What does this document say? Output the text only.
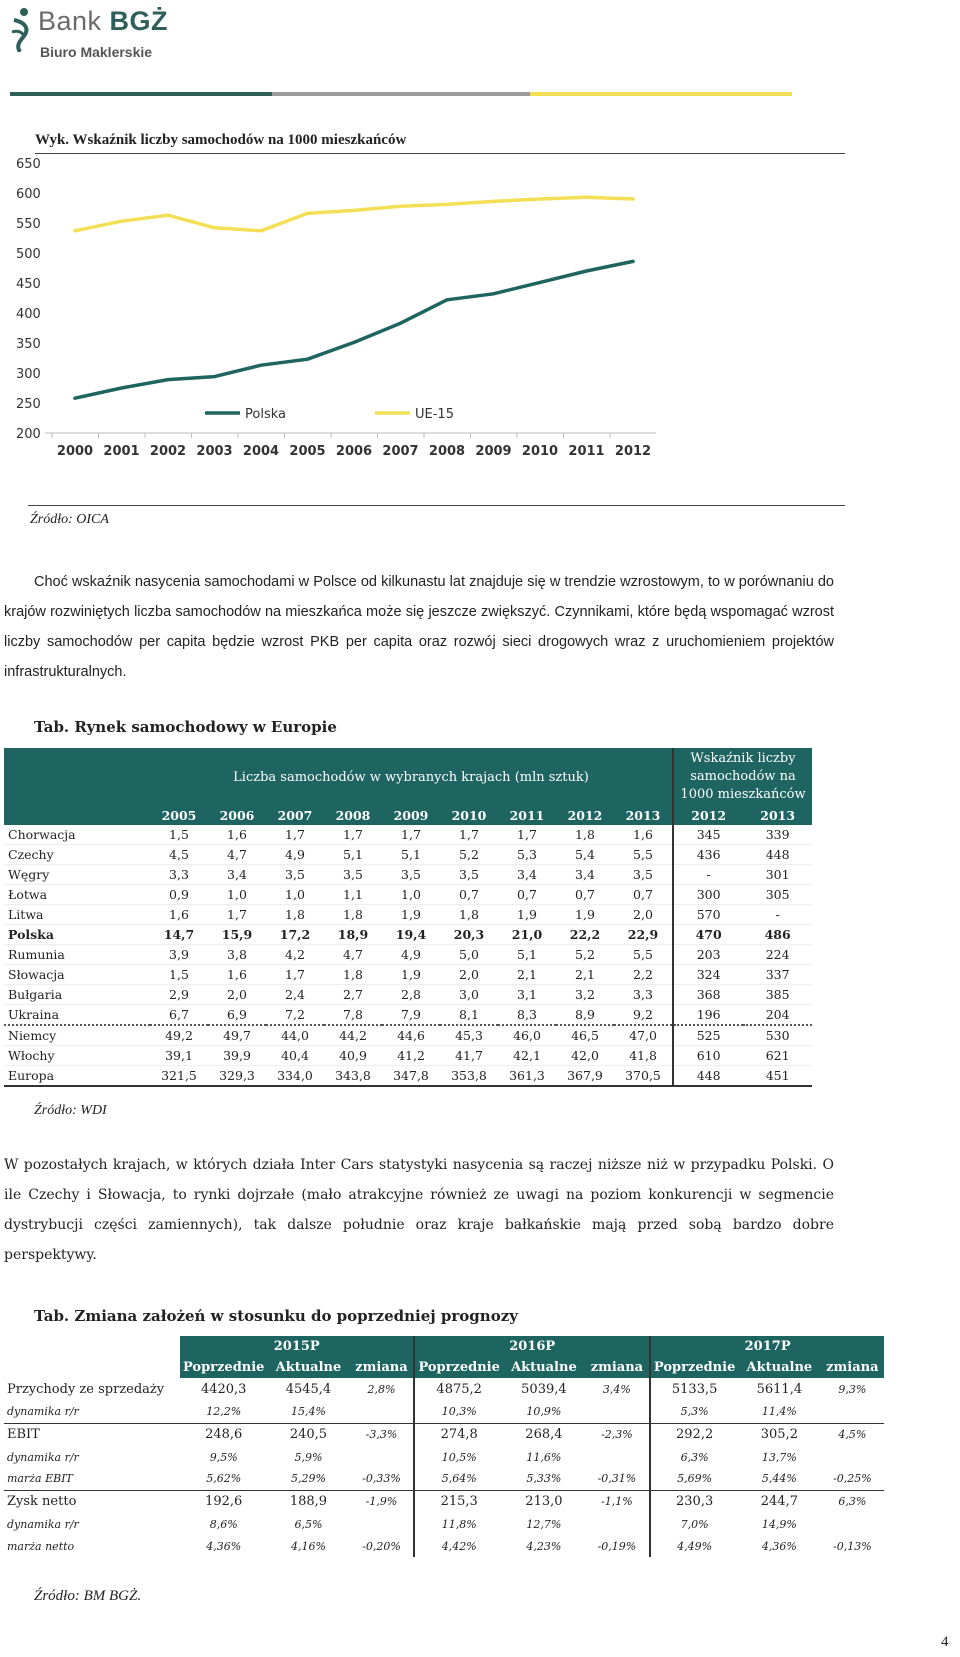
Bank BGŻ
Biuro Maklerskie
Wyk. Wskaźnik liczby samochodów na 1000 mieszkańców
650
600
550
500
450
400
350
300
250
200
2000 2001 2002 2003 2004 2005 2006 2007 2008 2009 2010 2011 2012
Polska	UE-15
Źródło: OICA

Choć wskaźnik nasycenia samochodami w Polsce od kilkunastu lat znajduje się w trendzie wzrostowym, to w porównaniu do krajów rozwiniętych liczba samochodów na mieszkańca może się jeszcze zwiększyć. Czynnikami, które będą wspomagać wzrost liczby samochodów per capita będzie wzrost PKB per capita oraz rozwój sieci drogowych wraz z uruchomieniem projektów infrastrukturalnych.

Tab. Rynek samochodowy w Europie
	Liczba samochodów w wybranych krajach (mln sztuk)									Wskaźnik liczby samochodów na 1000 mieszkańców	
	2005	2006	2007	2008	2009	2010	2011	2012	2013	2012	2013
Chorwacja	1,5	1,6	1,7	1,7	1,7	1,7	1,7	1,8	1,6	345	339
Czechy	4,5	4,7	4,9	5,1	5,1	5,2	5,3	5,4	5,5	436	448
Węgry	3,3	3,4	3,5	3,5	3,5	3,5	3,4	3,4	3,5	-	301
Łotwa	0,9	1,0	1,0	1,1	1,0	0,7	0,7	0,7	0,7	300	305
Litwa	1,6	1,7	1,8	1,8	1,9	1,8	1,9	1,9	2,0	570	-
Polska	14,7	15,9	17,2	18,9	19,4	20,3	21,0	22,2	22,9	470	486
Rumunia	3,9	3,8	4,2	4,7	4,9	5,0	5,1	5,2	5,5	203	224
Słowacja	1,5	1,6	1,7	1,8	1,9	2,0	2,1	2,1	2,2	324	337
Bułgaria	2,9	2,0	2,4	2,7	2,8	3,0	3,1	3,2	3,3	368	385
Ukraina	6,7	6,9	7,2	7,8	7,9	8,1	8,3	8,9	9,2	196	204
Niemcy	49,2	49,7	44,0	44,2	44,6	45,3	46,0	46,5	47,0	525	530
Włochy	39,1	39,9	40,4	40,9	41,2	41,7	42,1	42,0	41,8	610	621
Europa	321,5	329,3	334,0	343,8	347,8	353,8	361,3	367,9	370,5	448	451
Źródło: WDI

W pozostałych krajach, w których działa Inter Cars statystyki nasycenia są raczej niższe niż w przypadku Polski. O ile Czechy i Słowacja, to rynki dojrzałe (mało atrakcyjne również ze uwagi na poziom konkurencji w segmencie dystrybucji części zamiennych), tak dalsze południe oraz kraje bałkańskie mają przed sobą bardzo dobre perspektywy.

Tab. Zmiana założeń w stosunku do poprzedniej prognozy
	2015P			2016P			2017P		
	Poprzednie	Aktualne	zmiana	Poprzednie	Aktualne	zmiana	Poprzednie	Aktualne	zmiana
Przychody ze sprzedaży	4420,3	4545,4	2,8%	4875,2	5039,4	3,4%	5133,5	5611,4	9,3%
dynamika r/r	12,2%	15,4%		10,3%	10,9%		5,3%	11,4%	
EBIT	248,6	240,5	-3,3%	274,8	268,4	-2,3%	292,2	305,2	4,5%
dynamika r/r	9,5%	5,9%		10,5%	11,6%		6,3%	13,7%	
marża EBIT	5,62%	5,29%	-0,33%	5,64%	5,33%	-0,31%	5,69%	5,44%	-0,25%
Zysk netto	192,6	188,9	-1,9%	215,3	213,0	-1,1%	230,3	244,7	6,3%
dynamika r/r	8,6%	6,5%		11,8%	12,7%		7,0%	14,9%	
marża netto	4,36%	4,16%	-0,20%	4,42%	4,23%	-0,19%	4,49%	4,36%	-0,13%
Źródło: BM BGŻ.
4
